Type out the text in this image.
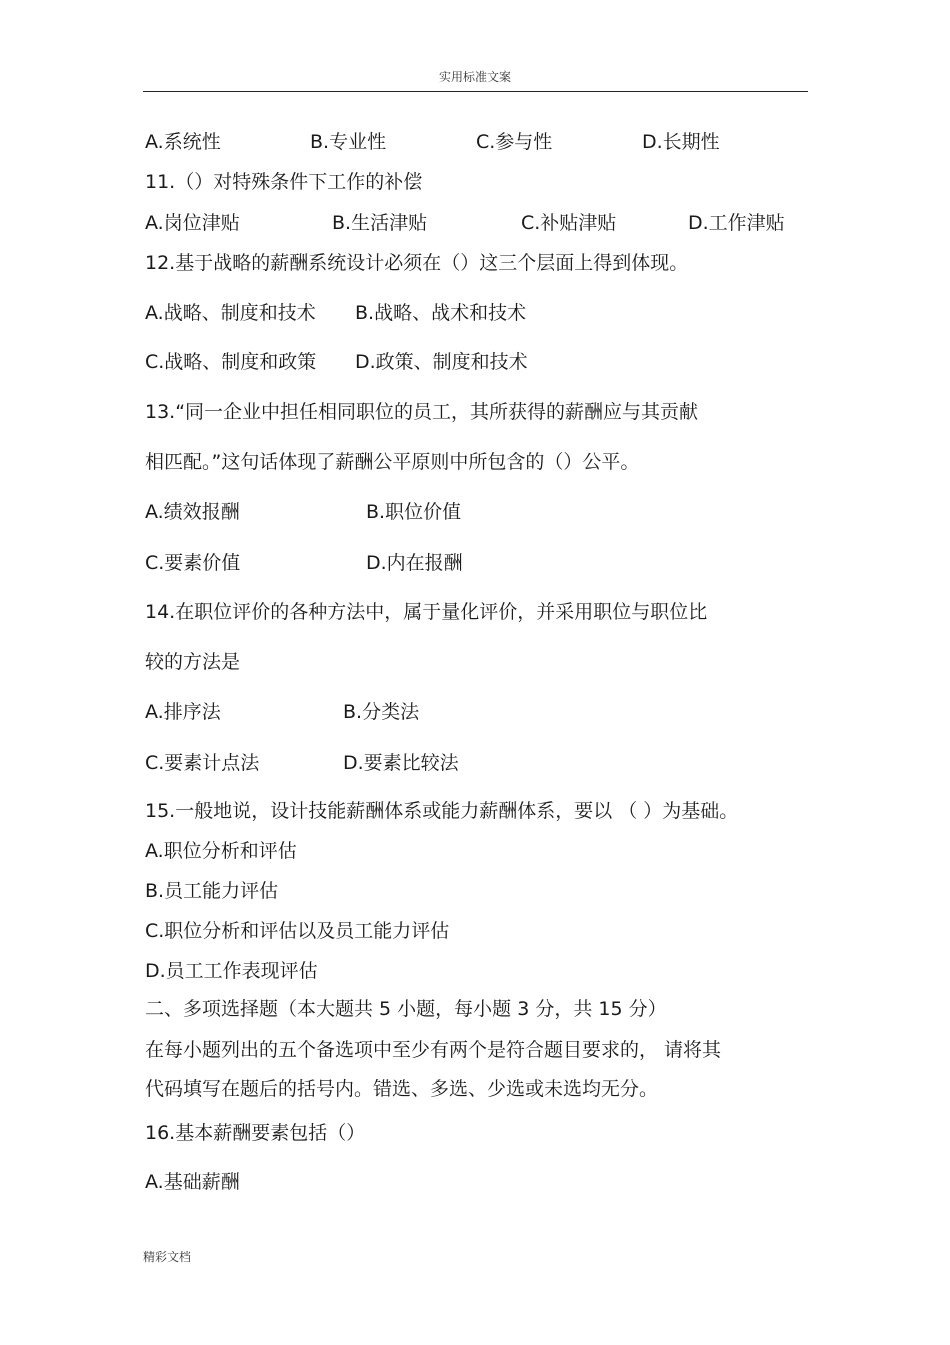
实用标准文案
A.系统性	B.专业性	C.参与性	D.长期性
11.（）对特殊条件下工作的补偿
A.岗位津贴	B.生活津贴	C.补贴津贴	D.工作津贴
12.基于战略的薪酬系统设计必须在（）这三个层面上得到体现。
A.战略、制度和技术 B.战略、战术和技术
C.战略、制度和政策 D.政策、制度和技术
13.“同一企业中担任相同职位的员工，其所获得的薪酬应与其贡献
相匹配。”这句话体现了薪酬公平原则中所包含的（）公平。
A.绩效报酬	B.职位价值
C.要素价值	D.内在报酬
14.在职位评价的各种方法中，属于量化评价，并采用职位与职位比
较的方法是
A.排序法	B.分类法
C.要素计点法	D.要素比较法
15.一般地说，设计技能薪酬体系或能力薪酬体系，要以 （ ）为基础。
A.职位分析和评估
B.员工能力评估
C.职位分析和评估以及员工能力评估
D.员工工作表现评估
二、多项选择题（本大题共 5 小题，每小题 3 分，共 15 分）
在每小题列出的五个备选项中至少有两个是符合题目要求的， 请将其
代码填写在题后的括号内。错选、多选、少选或未选均无分。
16.基本薪酬要素包括（）
A.基础薪酬
精彩文档
